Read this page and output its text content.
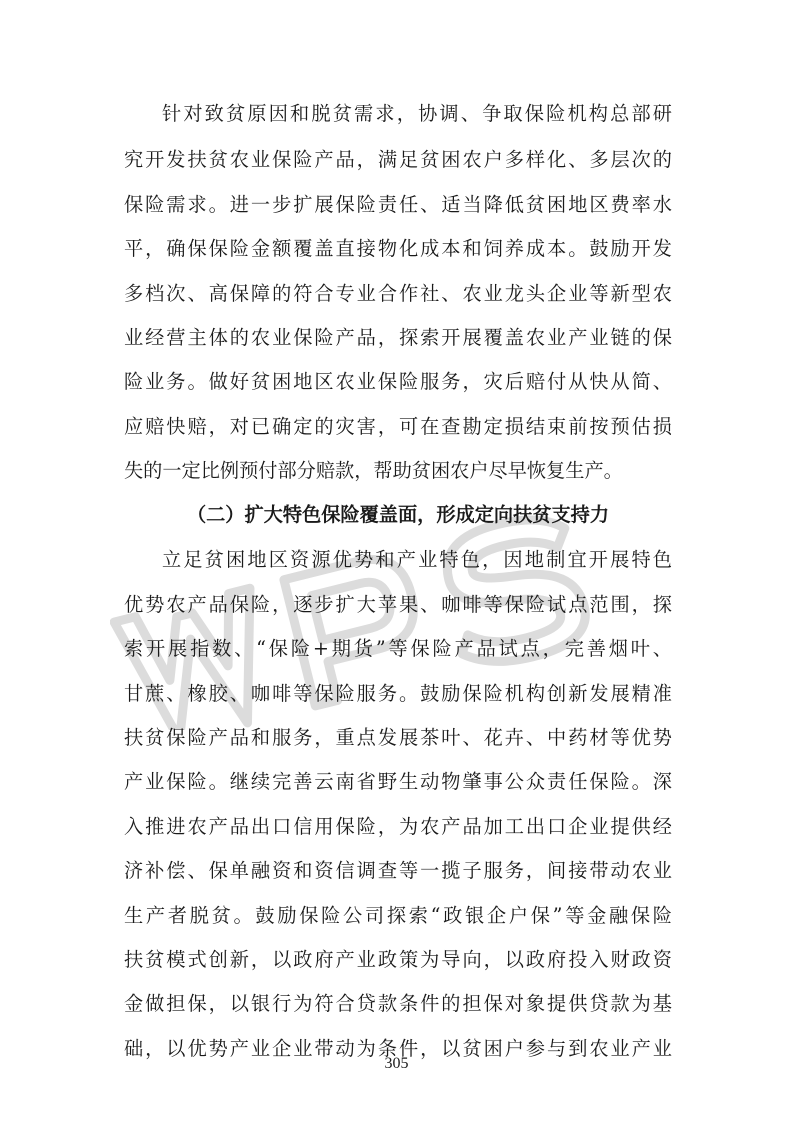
针对致贫原因和脱贫需求，协调、争取保险机构总部研
究开发扶贫农业保险产品，满足贫困农户多样化、多层次的
保险需求。进一步扩展保险责任、适当降低贫困地区费率水
平，确保保险金额覆盖直接物化成本和饲养成本。鼓励开发
多档次、高保障的符合专业合作社、农业龙头企业等新型农
业经营主体的农业保险产品，探索开展覆盖农业产业链的保
险业务。做好贫困地区农业保险服务，灾后赔付从快从简、
应赔快赔，对已确定的灾害，可在查勘定损结束前按预估损
失的一定比例预付部分赔款，帮助贫困农户尽早恢复生产。
（二）扩大特色保险覆盖面，形成定向扶贫支持力
立足贫困地区资源优势和产业特色，因地制宜开展特色
优势农产品保险，逐步扩大苹果、咖啡等保险试点范围，探
索开展指数、“保险+期货”等保险产品试点，完善烟叶、
甘蔗、橡胶、咖啡等保险服务。鼓励保险机构创新发展精准
扶贫保险产品和服务，重点发展茶叶、花卉、中药材等优势
产业保险。继续完善云南省野生动物肇事公众责任保险。深
入推进农产品出口信用保险，为农产品加工出口企业提供经
济补偿、保单融资和资信调查等一揽子服务，间接带动农业
生产者脱贫。鼓励保险公司探索“政银企户保”等金融保险
扶贫模式创新，以政府产业政策为导向，以政府投入财政资
金做担保，以银行为符合贷款条件的担保对象提供贷款为基
础，以优势产业企业带动为条件，以贫困户参与到农业产业
305
